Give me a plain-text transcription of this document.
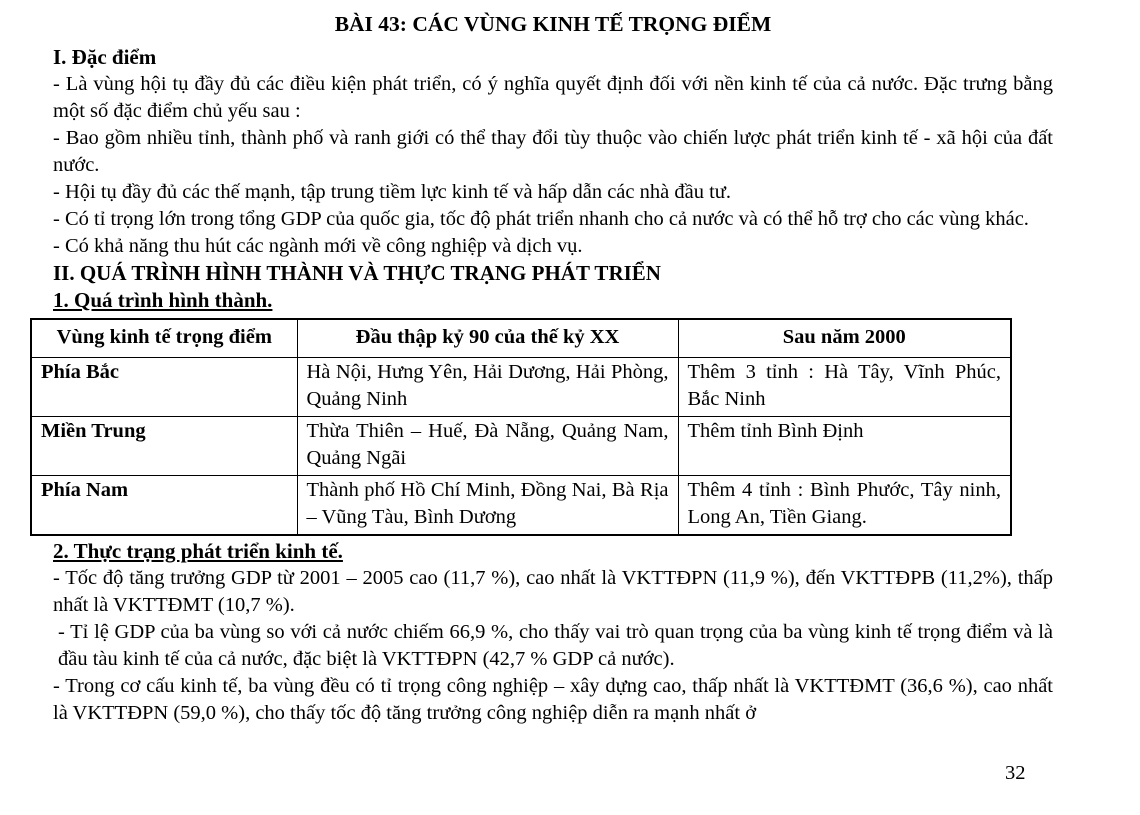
BÀI 43: CÁC VÙNG KINH TẾ TRỌNG ĐIỂM
I. Đặc điểm

- Là vùng hội tụ đầy đủ các điều kiện phát triển, có ý nghĩa quyết định đối với nền kinh tế của cả nước. Đặc trưng bằng một số đặc điểm chủ yếu sau :

- Bao gồm nhiều tỉnh, thành phố và ranh giới có thể thay đổi tùy thuộc vào chiến lược phát triển kinh tế - xã hội của đất nước.

- Hội tụ đầy đủ các thế mạnh, tập trung tiềm lực kinh tế và hấp dẫn các nhà đầu tư.

- Có tỉ trọng lớn trong tổng GDP của quốc gia, tốc độ phát triển nhanh cho cả nước và có thể hỗ trợ cho các vùng khác.

- Có khả năng thu hút các ngành mới về công nghiệp và dịch vụ.

II. QUÁ TRÌNH HÌNH THÀNH VÀ THỰC TRẠNG PHÁT TRIỂN
1. Quá trình hình thành.
Vùng kinh tế trọng điểm	Đầu thập kỷ 90 của thế kỷ XX	Sau năm 2000
Phía Bắc	Hà Nội, Hưng Yên, Hải Dương, Hải Phòng, Quảng Ninh	Thêm 3 tỉnh : Hà Tây, Vĩnh Phúc, Bắc Ninh
Miền Trung	Thừa Thiên – Huế, Đà Nẵng, Quảng Nam, Quảng Ngãi	Thêm tỉnh Bình Định
Phía Nam	Thành phố Hồ Chí Minh, Đồng Nai, Bà Rịa – Vũng Tàu, Bình Dương	Thêm 4 tỉnh : Bình Phước, Tây ninh, Long An, Tiền Giang.
2. Thực trạng phát triển kinh tế.

- Tốc độ tăng trưởng GDP từ 2001 – 2005 cao (11,7 %), cao nhất là VKTTĐPN (11,9 %), đến VKTTĐPB (11,2%), thấp nhất là VKTTĐMT (10,7 %).

- Tỉ lệ GDP của ba vùng so với cả nước chiếm 66,9 %, cho thấy vai trò quan trọng của ba vùng kinh tế trọng điểm và là đầu tàu kinh tế của cả nước, đặc biệt là VKTTĐPN (42,7 % GDP cả nước).

- Trong cơ cấu kinh tế, ba vùng đều có tỉ trọng công nghiệp – xây dựng cao, thấp nhất là VKTTĐMT (36,6 %), cao nhất là VKTTĐPN (59,0 %), cho thấy tốc độ tăng trưởng công nghiệp diễn ra mạnh nhất ở

32
